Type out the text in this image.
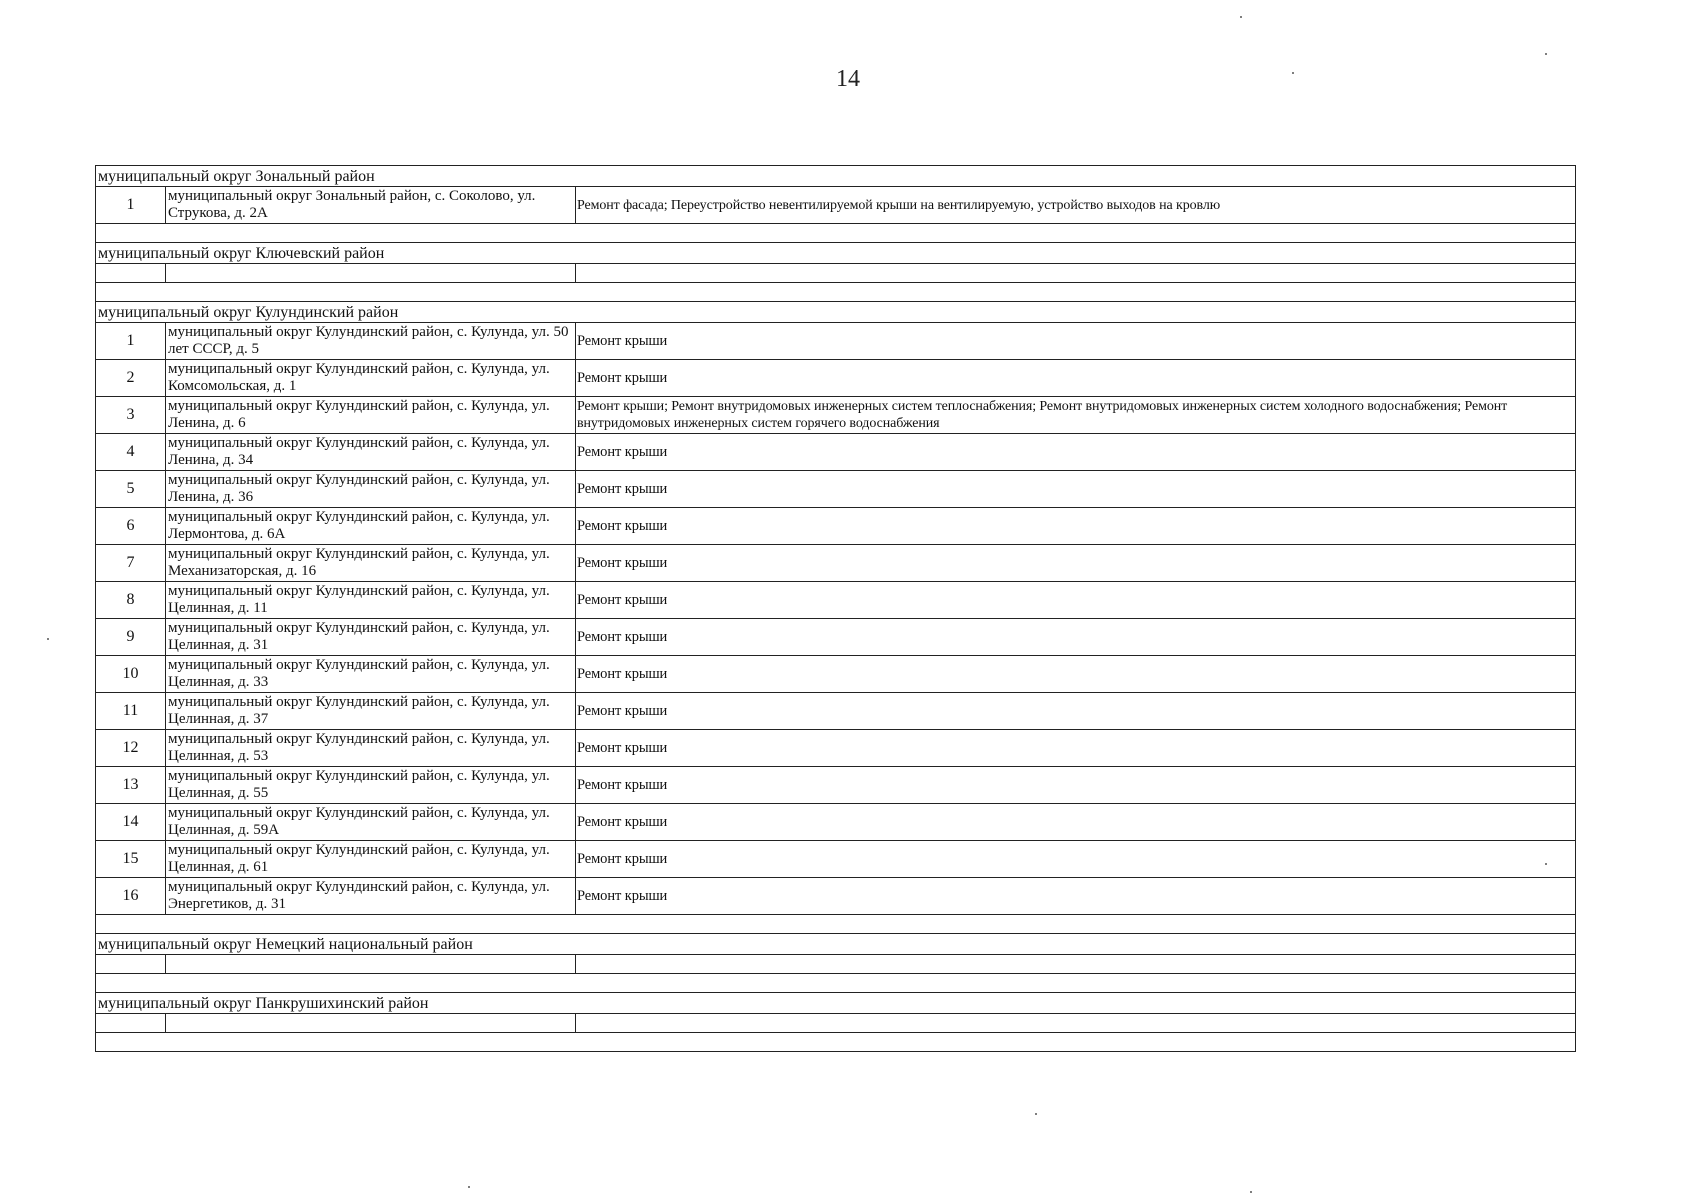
14
муниципальный округ Зональный район		
1	муниципальный округ Зональный район, с. Соколово, ул. Струкова, д. 2А	Ремонт фасада; Переустройство невентилируемой крыши на вентилируемую, устройство выходов на кровлю

муниципальный округ Ключевский район		

муниципальный округ Кулундинский район		
1	муниципальный округ Кулундинский район, с. Кулунда, ул. 50 лет СССР, д. 5	Ремонт крыши
2	муниципальный округ Кулундинский район, с. Кулунда, ул. Комсомольская, д. 1	Ремонт крыши
3	муниципальный округ Кулундинский район, с. Кулунда, ул. Ленина, д. 6	Ремонт крыши; Ремонт внутридомовых инженерных систем теплоснабжения; Ремонт внутридомовых инженерных систем холодного водоснабжения; Ремонт внутридомовых инженерных систем горячего водоснабжения
4	муниципальный округ Кулундинский район, с. Кулунда, ул. Ленина, д. 34	Ремонт крыши
5	муниципальный округ Кулундинский район, с. Кулунда, ул. Ленина, д. 36	Ремонт крыши
6	муниципальный округ Кулундинский район, с. Кулунда, ул. Лермонтова, д. 6А	Ремонт крыши
7	муниципальный округ Кулундинский район, с. Кулунда, ул. Механизаторская, д. 16	Ремонт крыши
8	муниципальный округ Кулундинский район, с. Кулунда, ул. Целинная, д. 11	Ремонт крыши
9	муниципальный округ Кулундинский район, с. Кулунда, ул. Целинная, д. 31	Ремонт крыши
10	муниципальный округ Кулундинский район, с. Кулунда, ул. Целинная, д. 33	Ремонт крыши
11	муниципальный округ Кулундинский район, с. Кулунда, ул. Целинная, д. 37	Ремонт крыши
12	муниципальный округ Кулундинский район, с. Кулунда, ул. Целинная, д. 53	Ремонт крыши
13	муниципальный округ Кулундинский район, с. Кулунда, ул. Целинная, д. 55	Ремонт крыши
14	муниципальный округ Кулундинский район, с. Кулунда, ул. Целинная, д. 59А	Ремонт крыши
15	муниципальный округ Кулундинский район, с. Кулунда, ул. Целинная, д. 61	Ремонт крыши
16	муниципальный округ Кулундинский район, с. Кулунда, ул. Энергетиков, д. 31	Ремонт крыши

муниципальный округ Немецкий национальный район		

муниципальный округ Панкрушихинский район		
